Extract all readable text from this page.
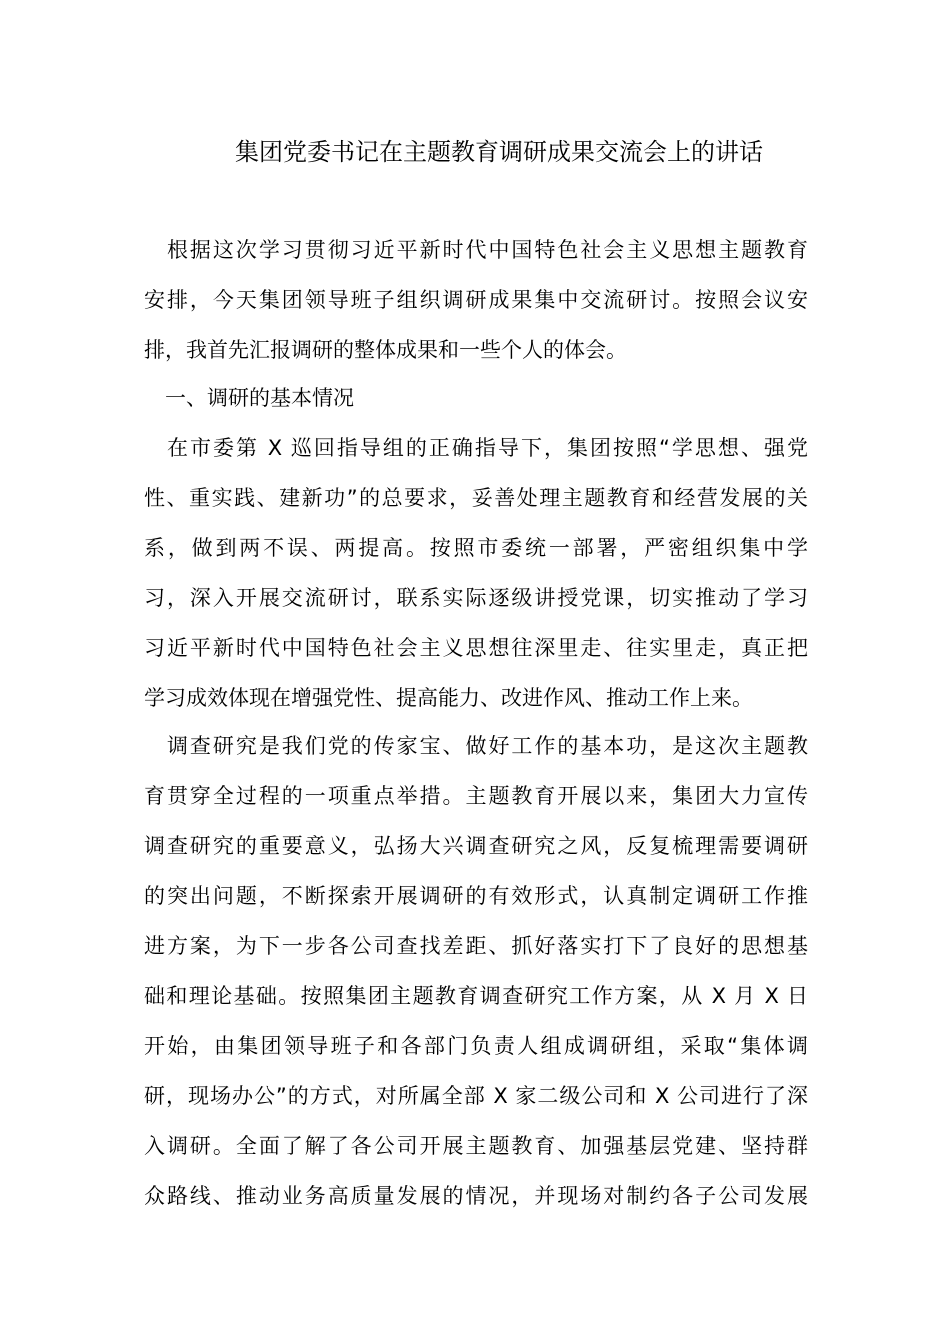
集团党委书记在主题教育调研成果交流会上的讲话
　根据这次学习贯彻习近平新时代中国特色社会主义思想主题教育
安排，今天集团领导班子组织调研成果集中交流研讨。按照会议安
排，我首先汇报调研的整体成果和一些个人的体会。
　一、调研的基本情况
　在市委第 X 巡回指导组的正确指导下，集团按照“学思想、强党
性、重实践、建新功”的总要求，妥善处理主题教育和经营发展的关
系，做到两不误、两提高。按照市委统一部署，严密组织集中学
习，深入开展交流研讨，联系实际逐级讲授党课，切实推动了学习
习近平新时代中国特色社会主义思想往深里走、往实里走，真正把
学习成效体现在增强党性、提高能力、改进作风、推动工作上来。
　调查研究是我们党的传家宝、做好工作的基本功，是这次主题教
育贯穿全过程的一项重点举措。主题教育开展以来，集团大力宣传
调查研究的重要意义，弘扬大兴调查研究之风，反复梳理需要调研
的突出问题，不断探索开展调研的有效形式，认真制定调研工作推
进方案，为下一步各公司查找差距、抓好落实打下了良好的思想基
础和理论基础。按照集团主题教育调查研究工作方案，从 X 月 X 日
开始，由集团领导班子和各部门负责人组成调研组，采取“集体调
研，现场办公”的方式，对所属全部 X 家二级公司和 X 公司进行了深
入调研。全面了解了各公司开展主题教育、加强基层党建、坚持群
众路线、推动业务高质量发展的情况，并现场对制约各子公司发展
